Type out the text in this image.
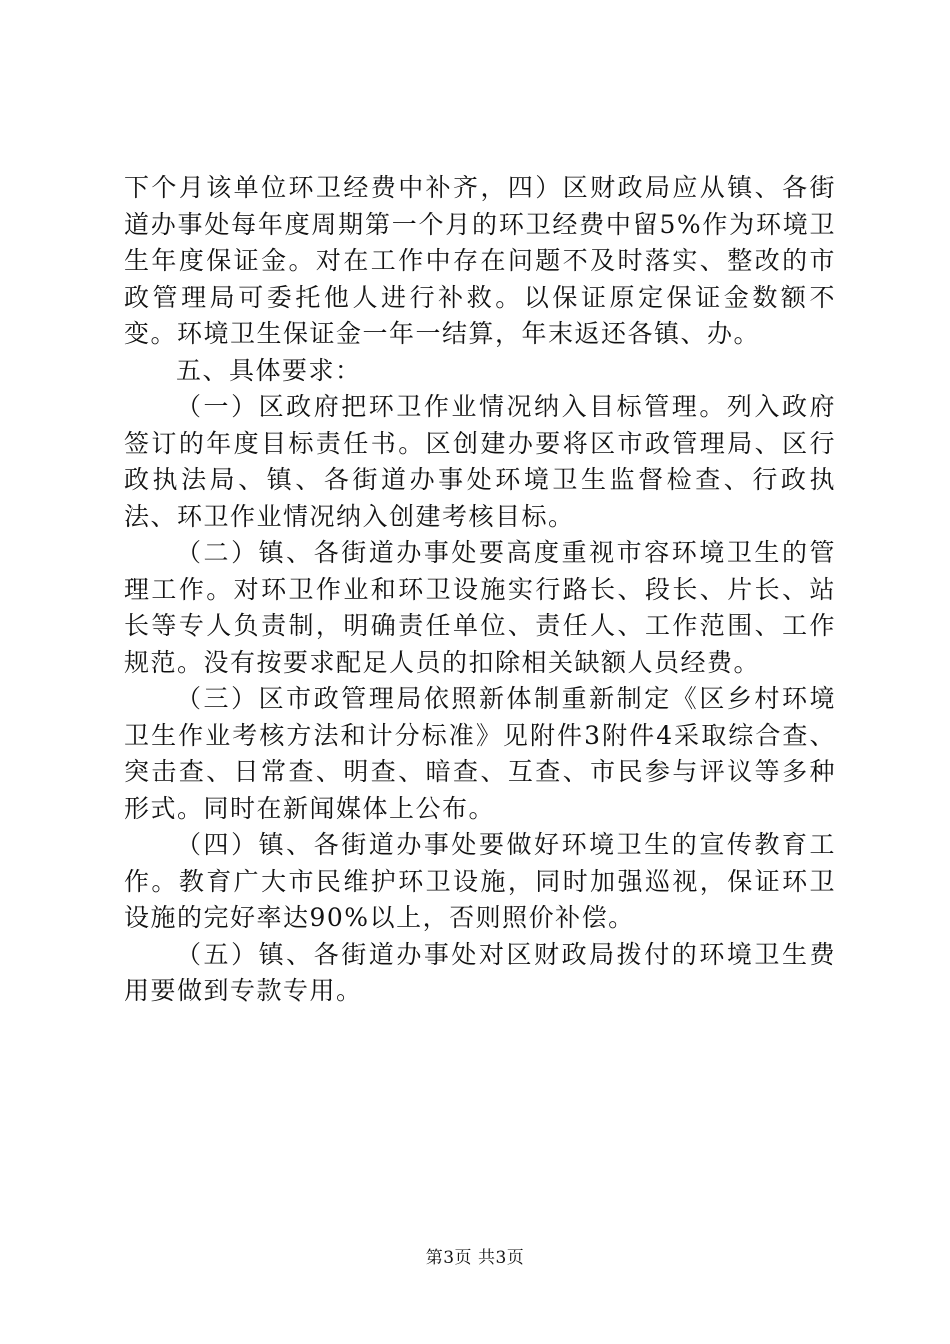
下个月该单位环卫经费中补齐，四）区财政局应从镇、各街道办事处每年度周期第一个月的环卫经费中留5%作为环境卫生年度保证金。对在工作中存在问题不及时落实、整改的市政管理局可委托他人进行补救。以保证原定保证金数额不变。环境卫生保证金一年一结算，年末返还各镇、办。

五、具体要求：

（一）区政府把环卫作业情况纳入目标管理。列入政府签订的年度目标责任书。区创建办要将区市政管理局、区行政执法局、镇、各街道办事处环境卫生监督检查、行政执法、环卫作业情况纳入创建考核目标。

（二）镇、各街道办事处要高度重视市容环境卫生的管理工作。对环卫作业和环卫设施实行路长、段长、片长、站长等专人负责制，明确责任单位、责任人、工作范围、工作规范。没有按要求配足人员的扣除相关缺额人员经费。

（三）区市政管理局依照新体制重新制定《区乡村环境卫生作业考核方法和计分标准》见附件3附件4采取综合查、突击查、日常查、明查、暗查、互查、市民参与评议等多种形式。同时在新闻媒体上公布。

（四）镇、各街道办事处要做好环境卫生的宣传教育工作。教育广大市民维护环卫设施，同时加强巡视，保证环卫设施的完好率达90%以上，否则照价补偿。

（五）镇、各街道办事处对区财政局拨付的环境卫生费用要做到专款专用。

第3页 共3页
